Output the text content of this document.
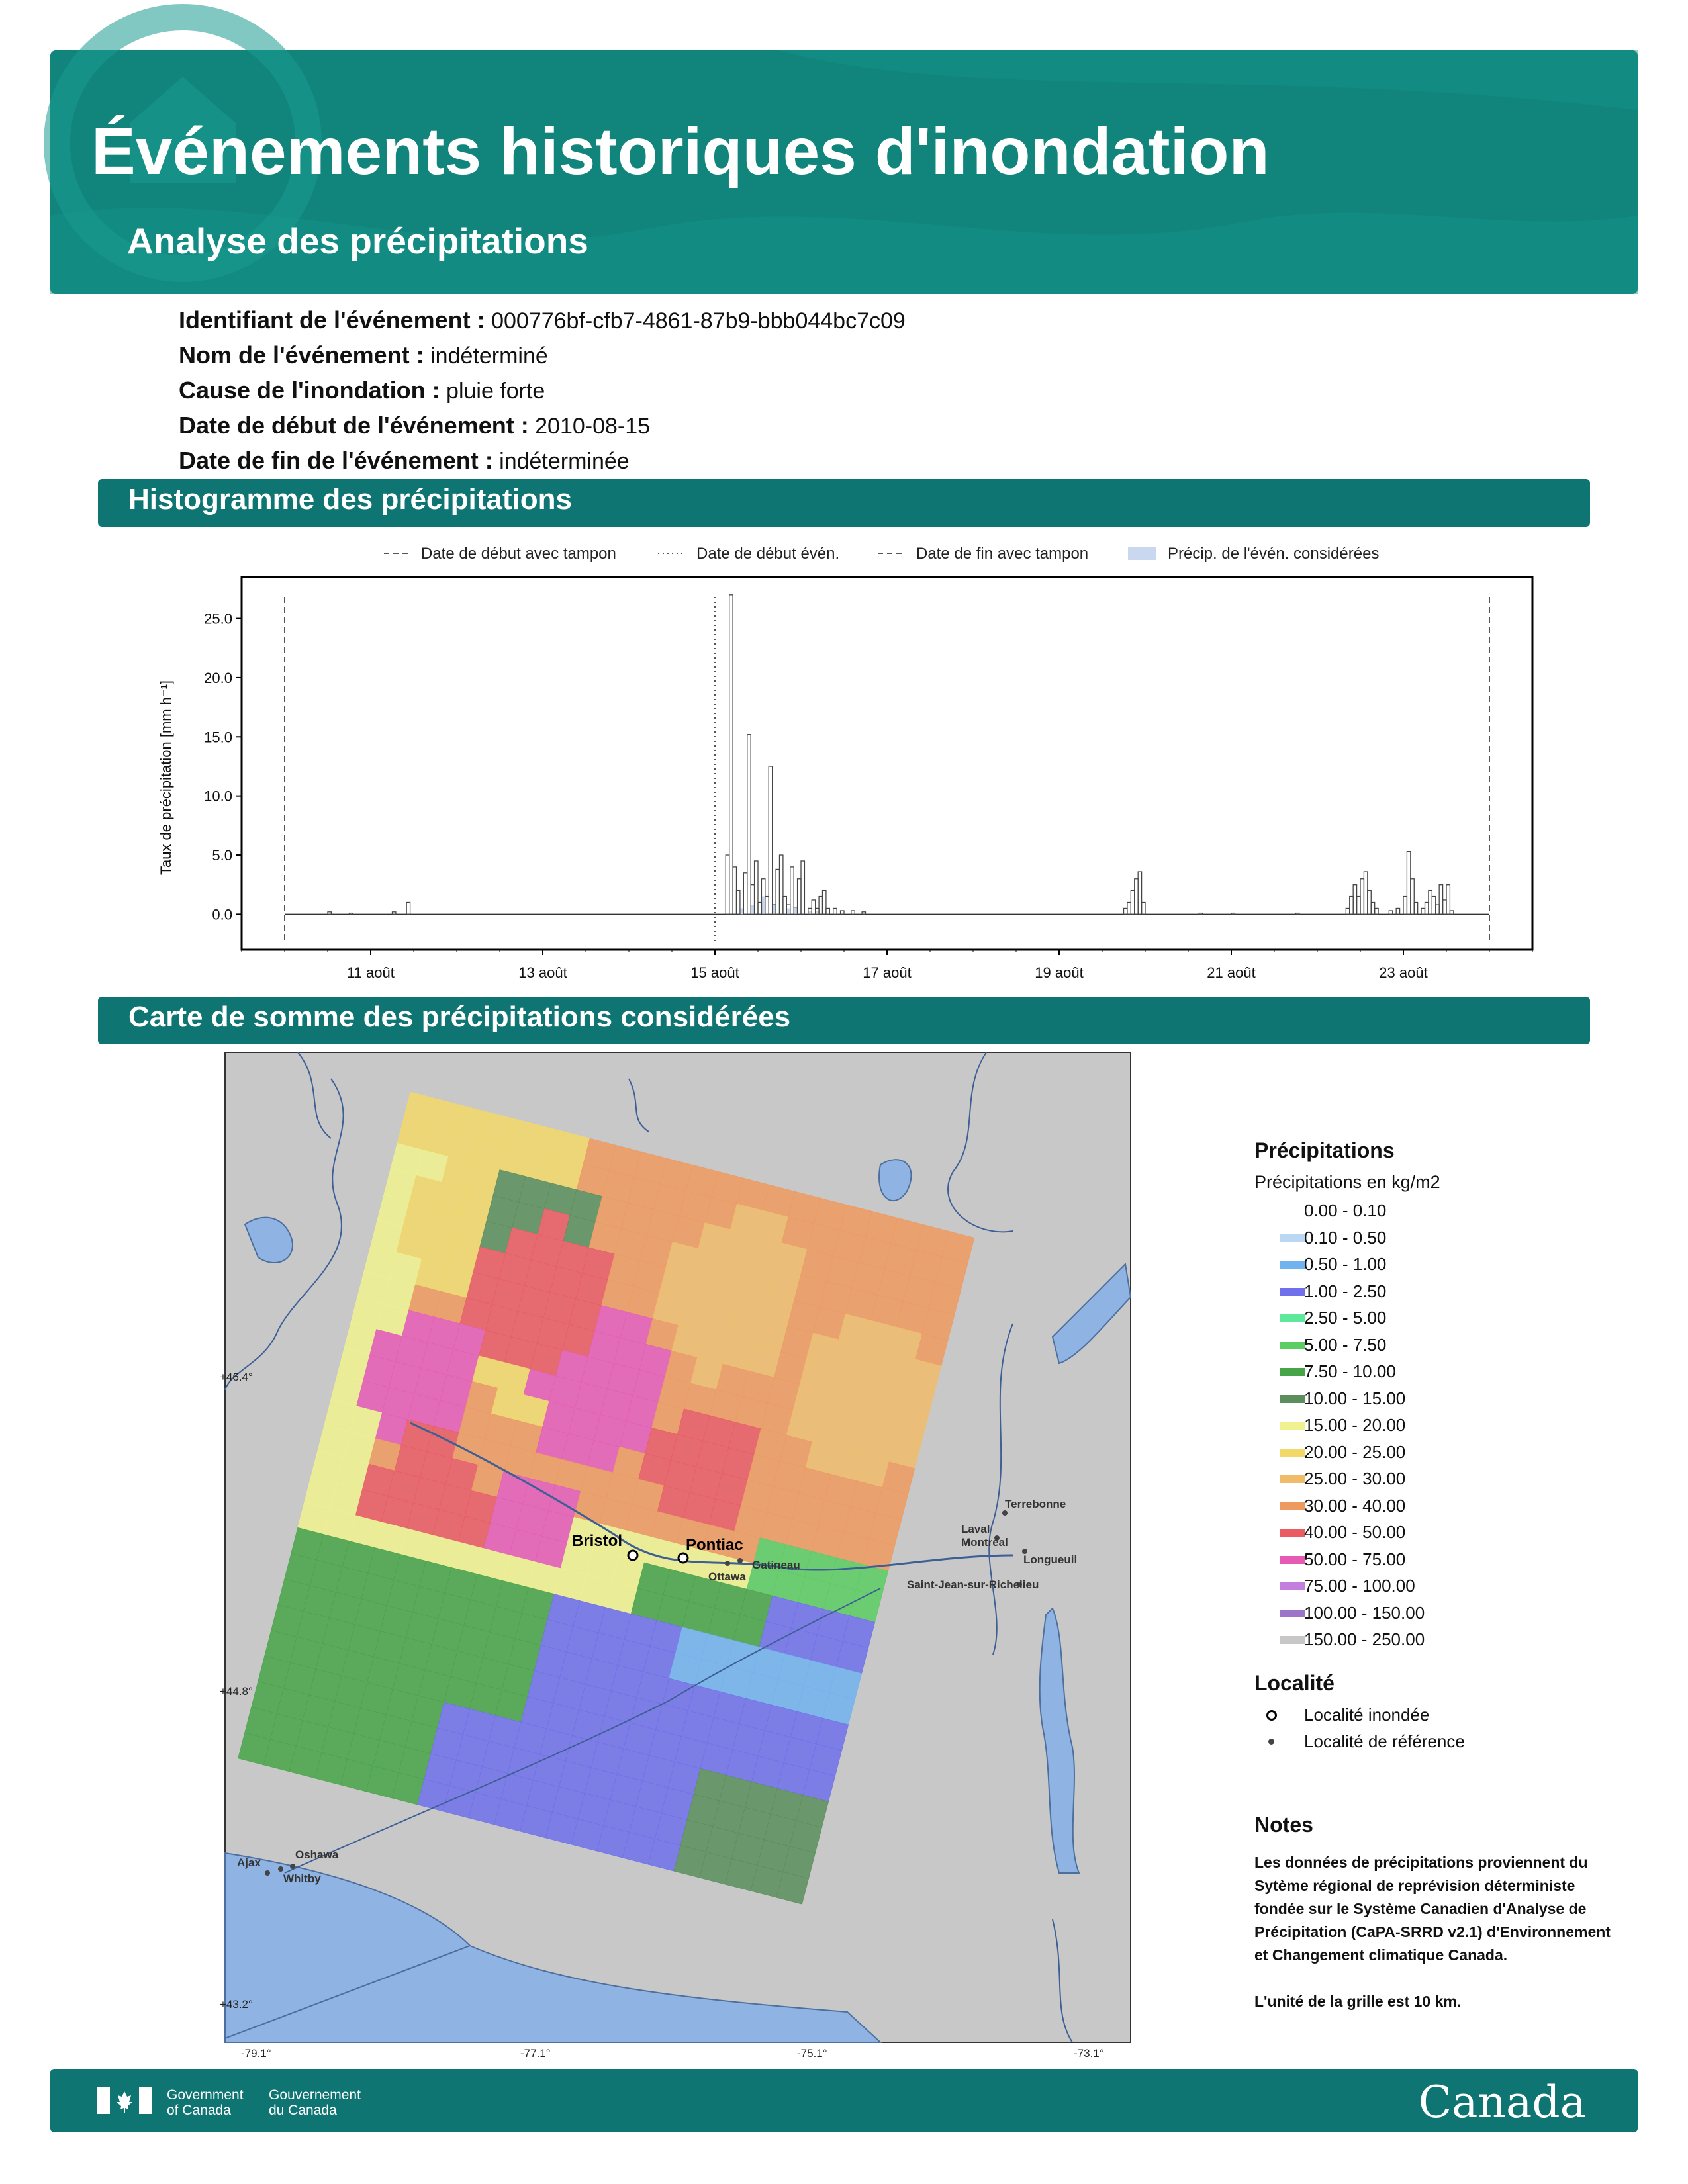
Événements historiques d'inondation
Analyse des précipitations
Identifiant de l'événement : 000776bf-cfb7-4861-87b9-bbb044bc7c09
Nom de l'événement : indéterminé
Cause de l'inondation : pluie forte
Date de début de l'événement : 2010-08-15
Date de fin de l'événement : indéterminée
Histogramme des précipitations
Date de début avec tampon	Date de début évén.	Date de fin avec tampon	Précip. de l'évén. considérées
0.0
5.0
10.0
15.0
20.0
25.0
11 août	13 août	15 août	17 août	19 août	21 août	23 août
Taux de précipitation [mm h⁻¹]
Carte de somme des précipitations considérées
Bristol	Pontiac
Ottawa
Gatineau
Laval
Montréal
Terrebonne
Longueuil
Saint-Jean-sur-Richelieu
Ajax
Oshawa
Whitby
+46.4°
+44.8°
+43.2°
-79.1°	-77.1°	-75.1°	-73.1°
Précipitations
Précipitations en kg/m2
0.00 - 0.10
0.10 - 0.50
0.50 - 1.00
1.00 - 2.50
2.50 - 5.00
5.00 - 7.50
7.50 - 10.00
10.00 - 15.00
15.00 - 20.00
20.00 - 25.00
25.00 - 30.00
30.00 - 40.00
40.00 - 50.00
50.00 - 75.00
75.00 - 100.00
100.00 - 150.00
150.00 - 250.00
Localité
Localité inondée
Localité de référence
Notes
Les données de précipitations proviennent du Sytème régional de reprévision déterministe fondée sur le Système Canadien d'Analyse de Précipitation (CaPA-SRRD v2.1) d'Environnement et Changement climatique Canada.
L'unité de la grille est 10 km.
Government
of Canada
Gouvernement
du Canada	Canada
